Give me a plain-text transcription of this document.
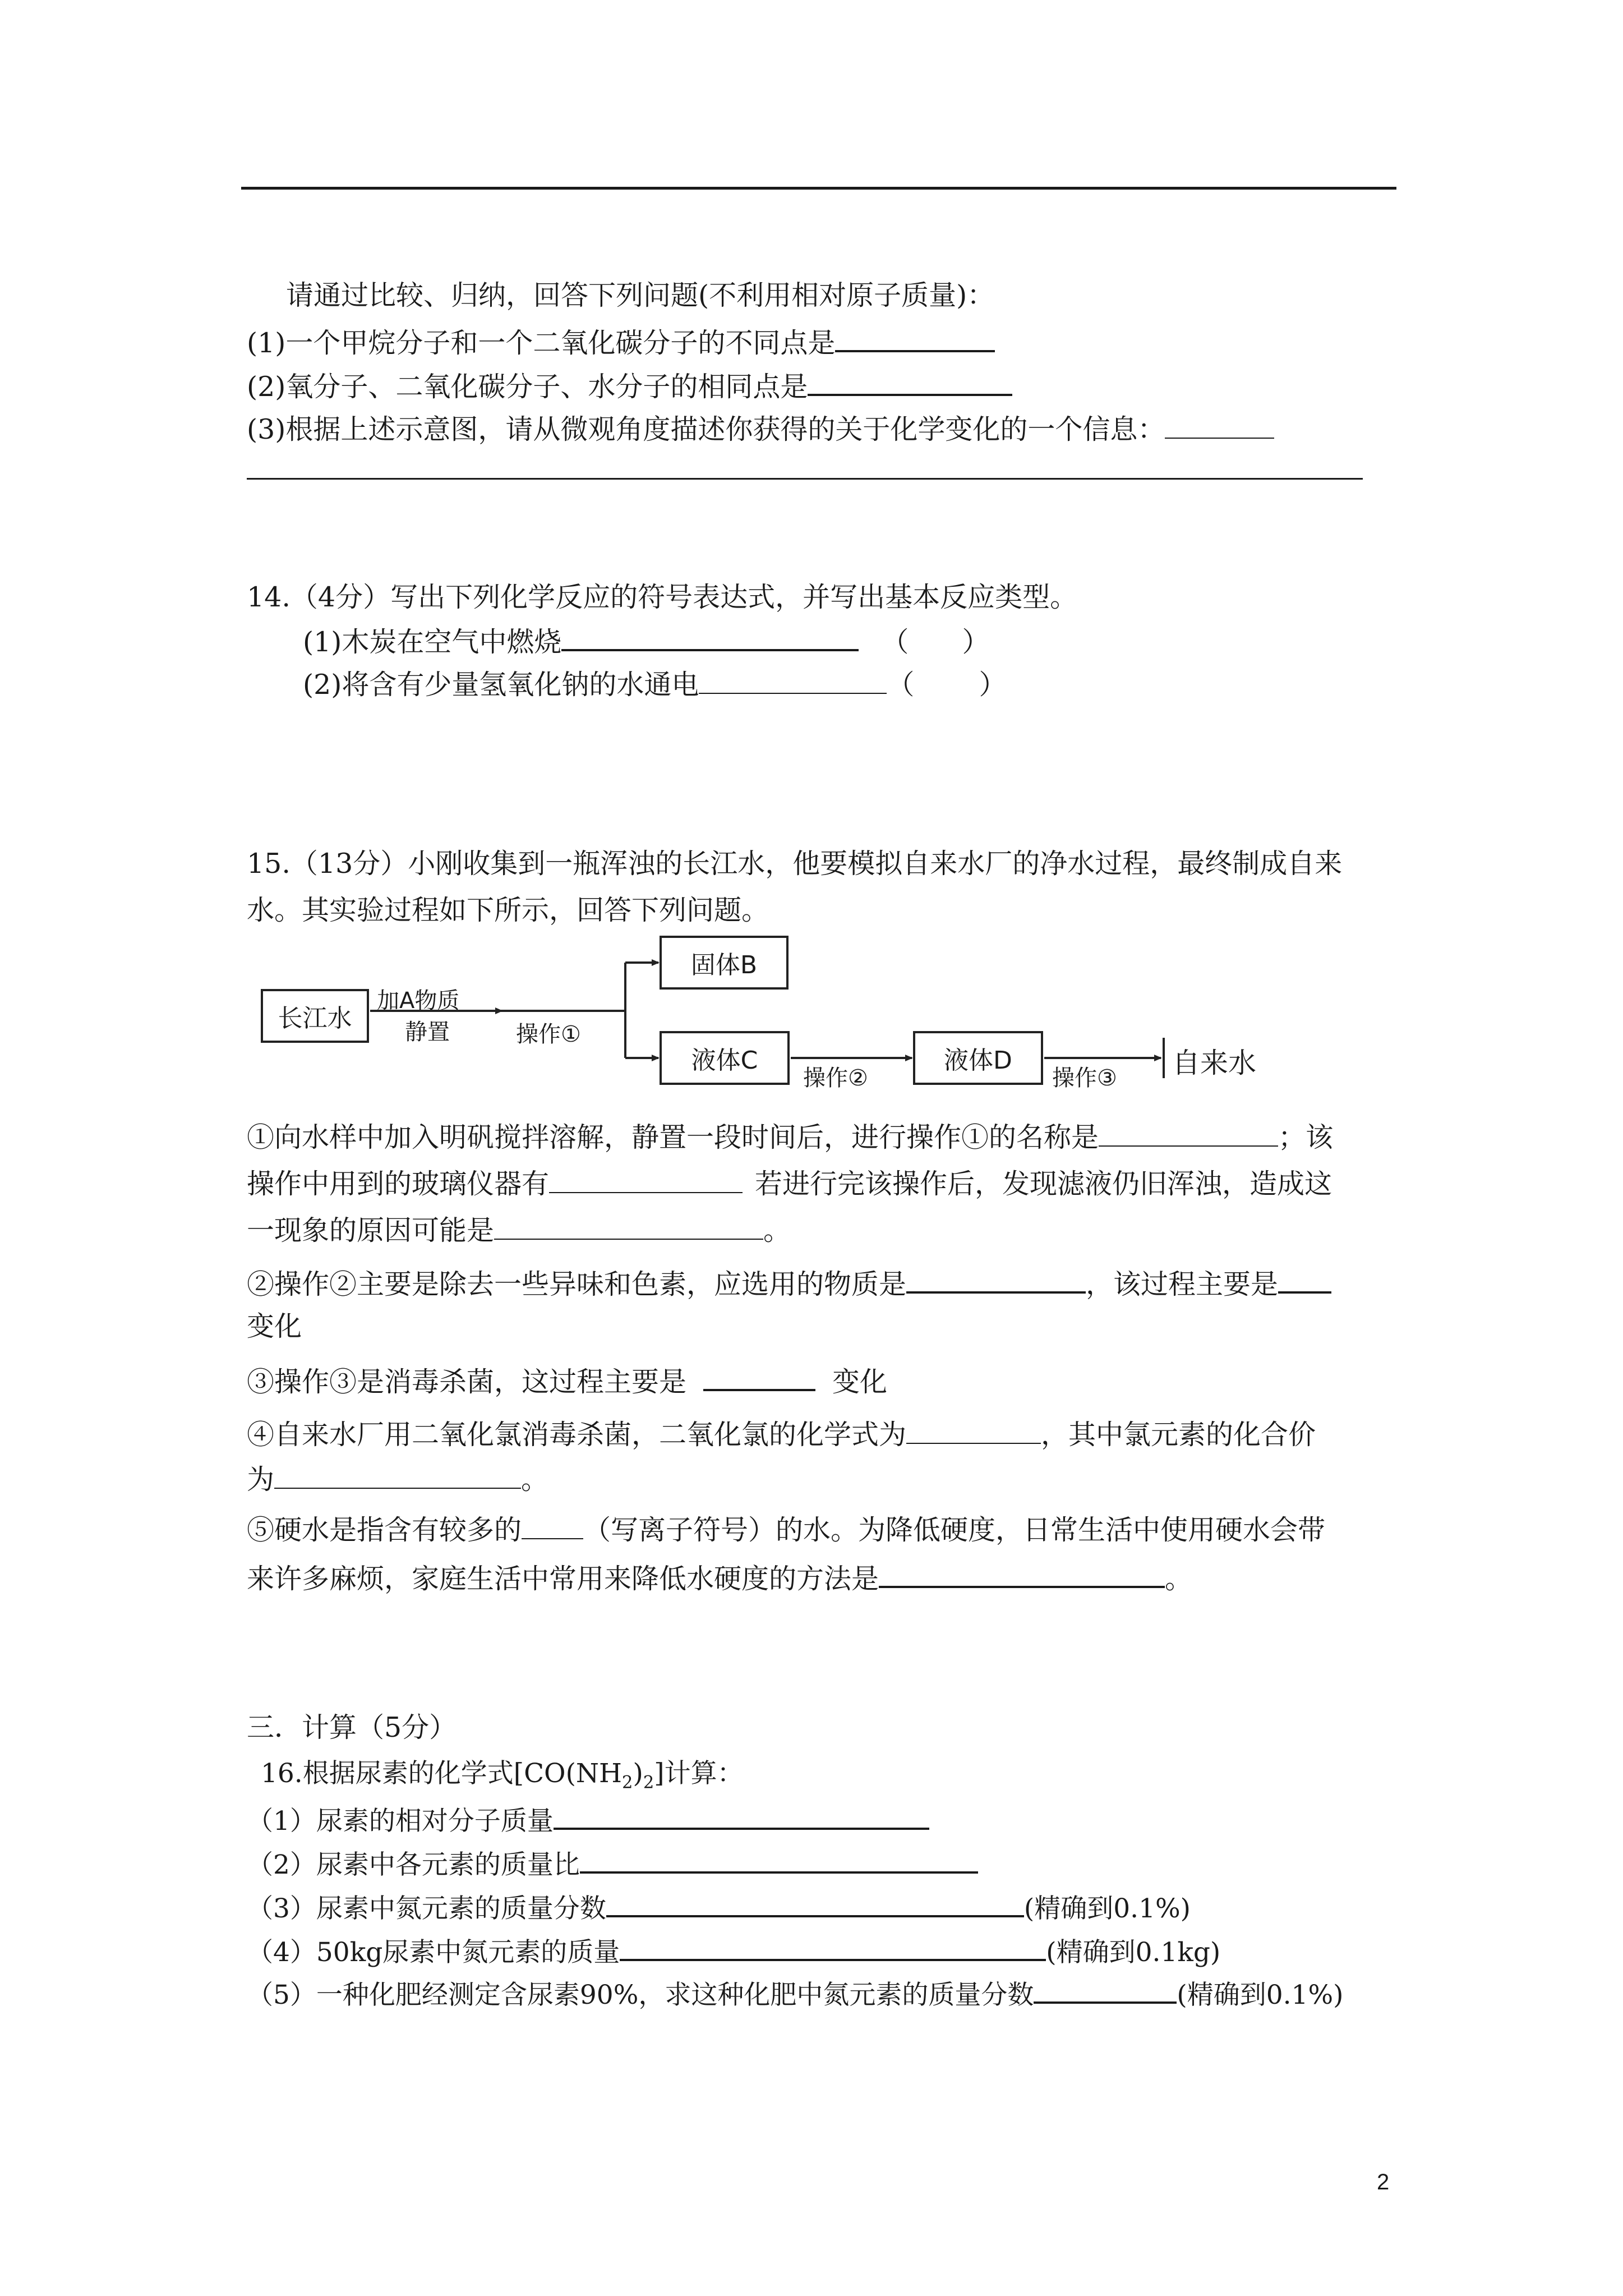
请通过比较、归纳，回答下列问题(不利用相对原子质量)：
(1)一个甲烷分子和一个二氧化碳分子的不同点是
(2)氧分子、二氧化碳分子、水分子的相同点是
(3)根据上述示意图，请从微观角度描述你获得的关于化学变化的一个信息：
14.（4分）写出下列化学反应的符号表达式，并写出基本反应类型。
(1)木炭在空气中燃烧	（ ）
(2)将含有少量氢氧化钠的水通电	（ ）
15.（13分）小刚收集到一瓶浑浊的长江水，他要模拟自来水厂的净水过程，最终制成自来
水。其实验过程如下所示，回答下列问题。
长江水
加A物质
静置	操作①
固体B
液体C
操作②
液体D
操作③ 自来水
①向水样中加入明矾搅拌溶解，静置一段时间后，进行操作①的名称是	；该
操作中用到的玻璃仪器有	若进行完该操作后，发现滤液仍旧浑浊，造成这
一现象的原因可能是	。
②操作②主要是除去一些异味和色素，应选用的物质是	，该过程主要是
变化
③操作③是消毒杀菌，这过程主要是	变化
④自来水厂用二氧化氯消毒杀菌，二氧化氯的化学式为	，其中氯元素的化合价
为	。
⑤硬水是指含有较多的 （写离子符号）的水。为降低硬度，日常生活中使用硬水会带
来许多麻烦，家庭生活中常用来降低水硬度的方法是	。
三．计算（5分）
16.根据尿素的化学式$[CO(NH_2)_2]$计算：
（1）尿素的相对分子质量
（2）尿素中各元素的质量比
（3）尿素中氮元素的质量分数	(精确到0.1%)
（4）50kg尿素中氮元素的质量	(精确到0.1kg)
（5）一种化肥经测定含尿素90%，求这种化肥中氮元素的质量分数	(精确到0.1%)
2
